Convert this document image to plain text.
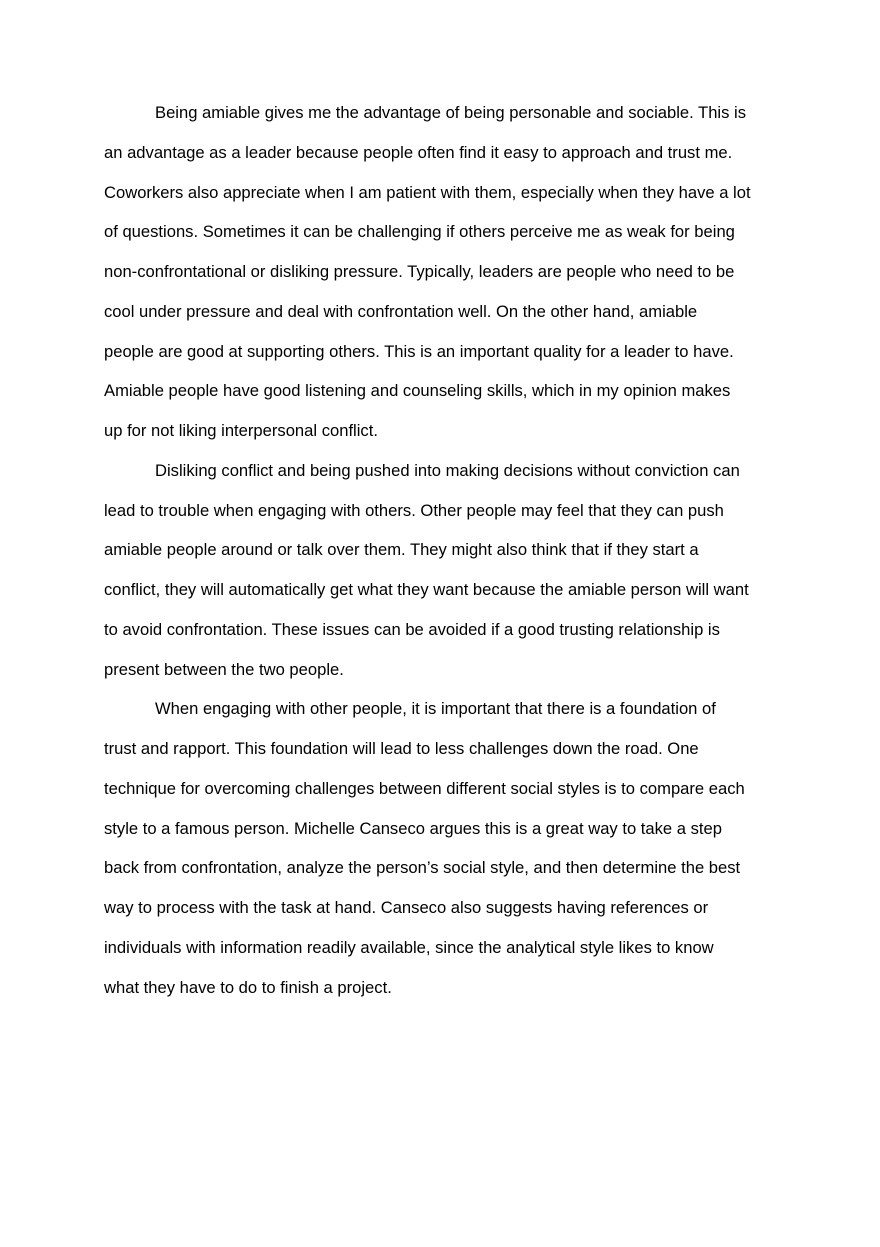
Being amiable gives me the advantage of being personable and sociable. This is
an advantage as a leader because people often find it easy to approach and trust me.
Coworkers also appreciate when I am patient with them, especially when they have a lot
of questions. Sometimes it can be challenging if others perceive me as weak for being
non-confrontational or disliking pressure. Typically, leaders are people who need to be
cool under pressure and deal with confrontation well. On the other hand, amiable
people are good at supporting others. This is an important quality for a leader to have.
Amiable people have good listening and counseling skills, which in my opinion makes
up for not liking interpersonal conflict.
Disliking conflict and being pushed into making decisions without conviction can
lead to trouble when engaging with others. Other people may feel that they can push
amiable people around or talk over them. They might also think that if they start a
conflict, they will automatically get what they want because the amiable person will want
to avoid confrontation. These issues can be avoided if a good trusting relationship is
present between the two people.
When engaging with other people, it is important that there is a foundation of
trust and rapport. This foundation will lead to less challenges down the road. One
technique for overcoming challenges between different social styles is to compare each
style to a famous person. Michelle Canseco argues this is a great way to take a step
back from confrontation, analyze the person’s social style, and then determine the best
way to process with the task at hand. Canseco also suggests having references or
individuals with information readily available, since the analytical style likes to know
what they have to do to finish a project.
